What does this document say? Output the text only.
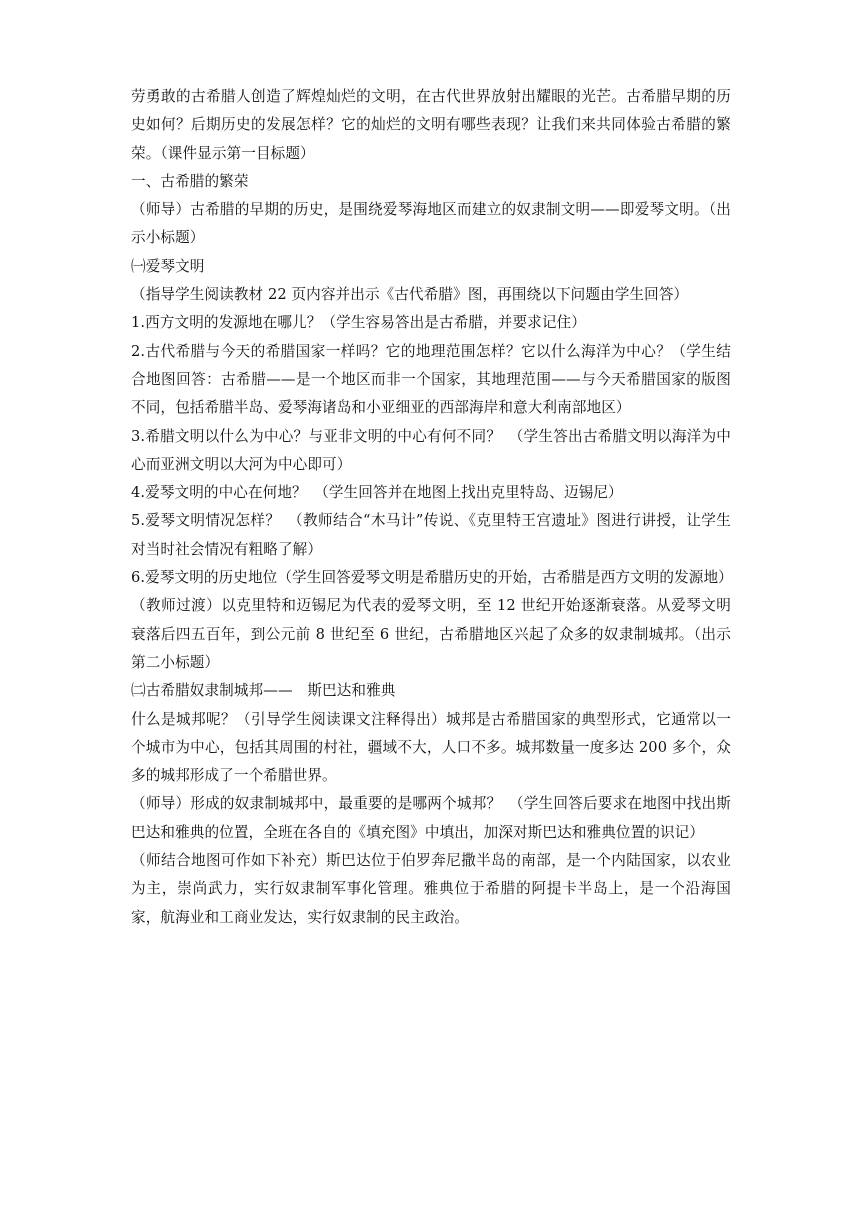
劳勇敢的古希腊人创造了辉煌灿烂的文明，在古代世界放射出耀眼的光芒。古希腊早期的历史如何？后期历史的发展怎样？它的灿烂的文明有哪些表现？让我们来共同体验古希腊的繁荣。（课件显示第一目标题）

一、古希腊的繁荣

（师导）古希腊的早期的历史，是围绕爱琴海地区而建立的奴隶制文明——即爱琴文明。（出示小标题）

㈠爱琴文明

（指导学生阅读教材 22 页内容并出示《古代希腊》图，再围绕以下问题由学生回答）

1.西方文明的发源地在哪儿？（学生容易答出是古希腊，并要求记住）

2.古代希腊与今天的希腊国家一样吗？它的地理范围怎样？它以什么海洋为中心？（学生结合地图回答：古希腊——是一个地区而非一个国家，其地理范围——与今天希腊国家的版图不同，包括希腊半岛、爱琴海诸岛和小亚细亚的西部海岸和意大利南部地区）

3.希腊文明以什么为中心？与亚非文明的中心有何不同？　（学生答出古希腊文明以海洋为中心而亚洲文明以大河为中心即可）

4.爱琴文明的中心在何地？　（学生回答并在地图上找出克里特岛、迈锡尼）

5.爱琴文明情况怎样？　（教师结合“木马计”传说、《克里特王宫遗址》图进行讲授，让学生对当时社会情况有粗略了解）

6.爱琴文明的历史地位（学生回答爱琴文明是希腊历史的开始，古希腊是西方文明的发源地）

（教师过渡）以克里特和迈锡尼为代表的爱琴文明，至 12 世纪开始逐渐衰落。从爱琴文明衰落后四五百年，到公元前 8 世纪至 6 世纪，古希腊地区兴起了众多的奴隶制城邦。（出示第二小标题）

㈡古希腊奴隶制城邦——　斯巴达和雅典

什么是城邦呢？（引导学生阅读课文注释得出）城邦是古希腊国家的典型形式，它通常以一个城市为中心，包括其周围的村社，疆域不大，人口不多。城邦数量一度多达 200 多个，众多的城邦形成了一个希腊世界。

（师导）形成的奴隶制城邦中，最重要的是哪两个城邦？　（学生回答后要求在地图中找出斯巴达和雅典的位置，全班在各自的《填充图》中填出，加深对斯巴达和雅典位置的识记）

（师结合地图可作如下补充）斯巴达位于伯罗奔尼撒半岛的南部，是一个内陆国家，以农业为主，崇尚武力，实行奴隶制军事化管理。雅典位于希腊的阿提卡半岛上，是一个沿海国家，航海业和工商业发达，实行奴隶制的民主政治。
